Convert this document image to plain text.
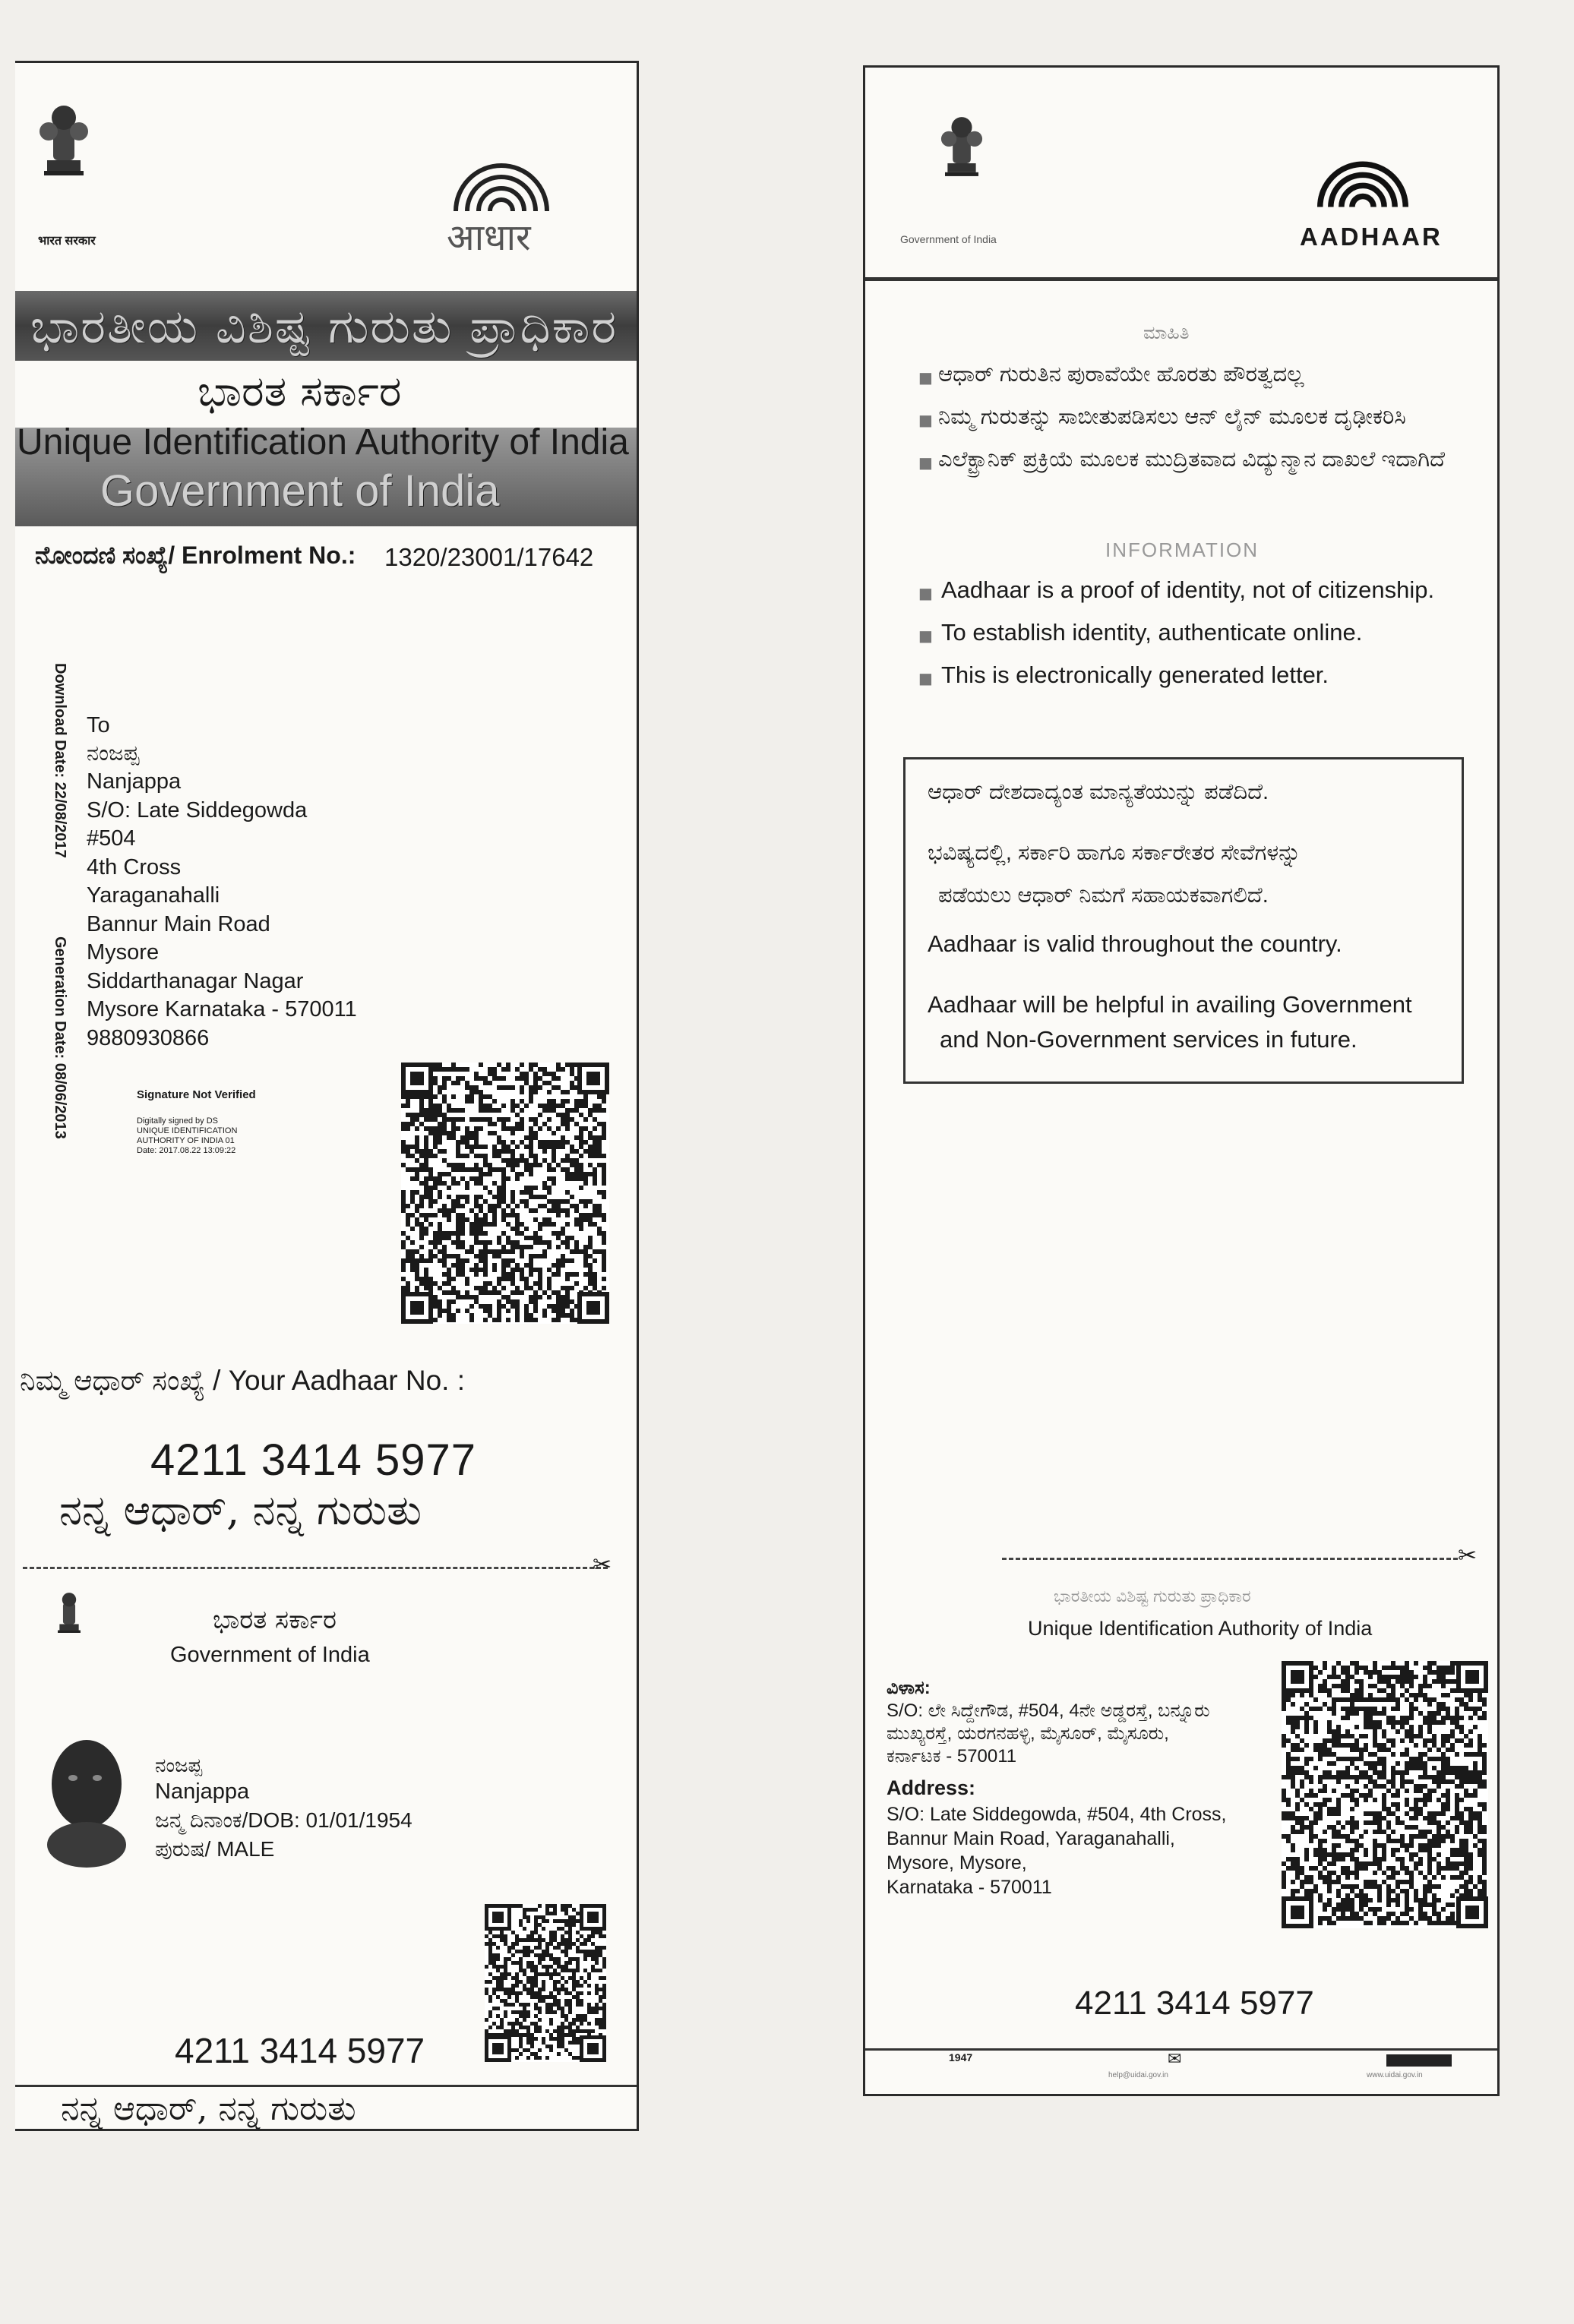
भारत सरकार	आधार
ಭಾರತೀಯ ವಿಶಿಷ್ಟ ಗುರುತು ಪ್ರಾಧಿಕಾರ
ಭಾರತ ಸರ್ಕಾರ
Unique Identification Authority of India
Government of India
ನೋಂದಣಿ ಸಂಖ್ಯೆ/ Enrolment No.: 1320/23001/17642
Download Date: 22/08/2017
Generation Date: 08/06/2013
To
ನಂಜಪ್ಪ
Nanjappa
S/O: Late Siddegowda
#504
4th Cross
Yaraganahalli
Bannur Main Road
Mysore
Siddarthanagar Nagar
Mysore Karnataka - 570011
9880930866
Signature Not Verified
Digitally signed by DS
UNIQUE IDENTIFICATION
AUTHORITY OF INDIA 01
Date: 2017.08.22 13:09:22
ನಿಮ್ಮ ಆಧಾರ್ ಸಂಖ್ಯೆ / Your Aadhaar No. :
4211 3414 5977
ನನ್ನ ಆಧಾರ್, ನನ್ನ ಗುರುತು
✂
ಭಾರತ ಸರ್ಕಾರ
Government of India
ನಂಜಪ್ಪ
Nanjappa
ಜನ್ಮ ದಿನಾಂಕ/DOB: 01/01/1954
ಪುರುಷ/ MALE
4211 3414 5977
ನನ್ನ ಆಧಾರ್, ನನ್ನ ಗುರುತು
Government of India	AADHAAR
ಮಾಹಿತಿ
■ ಆಧಾರ್ ಗುರುತಿನ ಪುರಾವೆಯೇ ಹೊರತು ಪೌರತ್ವದಲ್ಲ
■ ನಿಮ್ಮ ಗುರುತನ್ನು ಸಾಬೀತುಪಡಿಸಲು ಆನ್ ಲೈನ್ ಮೂಲಕ ದೃಢೀಕರಿಸಿ
■ ಎಲೆಕ್ಟ್ರಾನಿಕ್ ಪ್ರಕ್ರಿಯೆ ಮೂಲಕ ಮುದ್ರಿತವಾದ ವಿದ್ಯುನ್ಮಾನ ದಾಖಲೆ ಇದಾಗಿದೆ
INFORMATION
■ Aadhaar is a proof of identity, not of citizenship.
■ To establish identity, authenticate online.
■ This is electronically generated letter.
ಆಧಾರ್ ದೇಶದಾದ್ಯಂತ ಮಾನ್ಯತೆಯುನ್ನು ಪಡೆದಿದೆ.
ಭವಿಷ್ಯದಲ್ಲಿ, ಸರ್ಕಾರಿ ಹಾಗೂ ಸರ್ಕಾರೇತರ ಸೇವೆಗಳನ್ನು
ಪಡೆಯಲು ಆಧಾರ್ ನಿಮಗೆ ಸಹಾಯಕವಾಗಲಿದೆ.
Aadhaar is valid throughout the country.
Aadhaar will be helpful in availing Government
and Non-Government services in future.
✂
ಭಾರತೀಯ ವಿಶಿಷ್ಟ ಗುರುತು ಪ್ರಾಧಿಕಾರ
Unique Identification Authority of India
ವಿಳಾಸ:
S/O: ಲೇ ಸಿದ್ದೇಗೌಡ, #504, 4ನೇ ಅಡ್ಡರಸ್ತೆ, ಬನ್ನೂರು
ಮುಖ್ಯರಸ್ತೆ, ಯರಗನಹಳ್ಳಿ, ಮೈಸೂರ್, ಮೈಸೂರು,
ಕರ್ನಾಟಕ - 570011
Address:
S/O: Late Siddegowda, #504, 4th Cross,
Bannur Main Road, Yaraganahalli,
Mysore, Mysore,
Karnataka - 570011
4211 3414 5977
1947	✉
help@uidai.gov.in	www.uidai.gov.in
